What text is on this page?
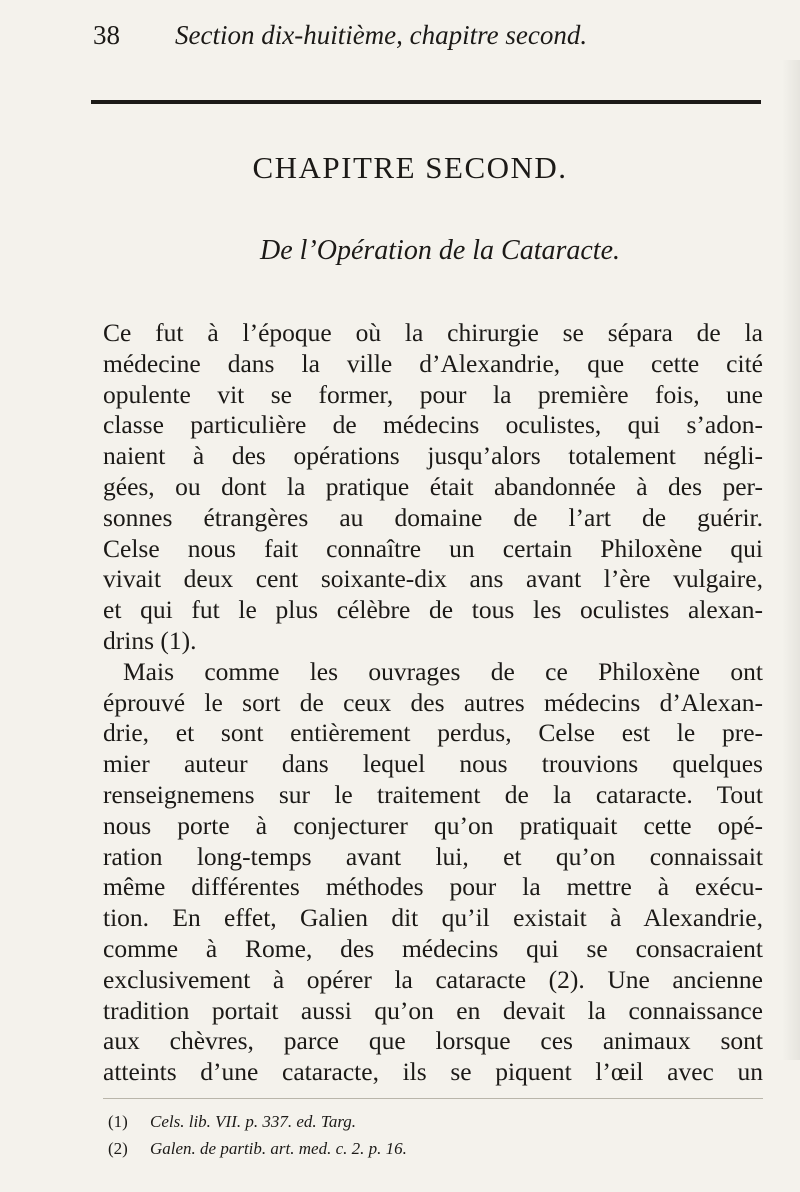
38 Section dix-huitième, chapitre second.
CHAPITRE SECOND.
De l’Opération de la Cataracte.
Ce fut à l’époque où la chirurgie se sépara de la
médecine dans la ville d’Alexandrie, que cette cité
opulente vit se former, pour la première fois, une
classe particulière de médecins oculistes, qui s’adon-
naient à des opérations jusqu’alors totalement négli-
gées, ou dont la pratique était abandonnée à des per-
sonnes étrangères au domaine de l’art de guérir.
Celse nous fait connaître un certain Philoxène qui
vivait deux cent soixante-dix ans avant l’ère vulgaire,
et qui fut le plus célèbre de tous les oculistes alexan-
drins (1).
Mais comme les ouvrages de ce Philoxène ont
éprouvé le sort de ceux des autres médecins d’Alexan-
drie, et sont entièrement perdus, Celse est le pre-
mier auteur dans lequel nous trouvions quelques
renseignemens sur le traitement de la cataracte. Tout
nous porte à conjecturer qu’on pratiquait cette opé-
ration long-temps avant lui, et qu’on connaissait
même différentes méthodes pour la mettre à exécu-
tion. En effet, Galien dit qu’il existait à Alexandrie,
comme à Rome, des médecins qui se consacraient
exclusivement à opérer la cataracte (2). Une ancienne
tradition portait aussi qu’on en devait la connaissance
aux chèvres, parce que lorsque ces animaux sont
atteints d’une cataracte, ils se piquent l’œil avec un
(1) Cels. lib. VII. p. 337. ed. Targ.
(2) Galen. de partib. art. med. c. 2. p. 16.
